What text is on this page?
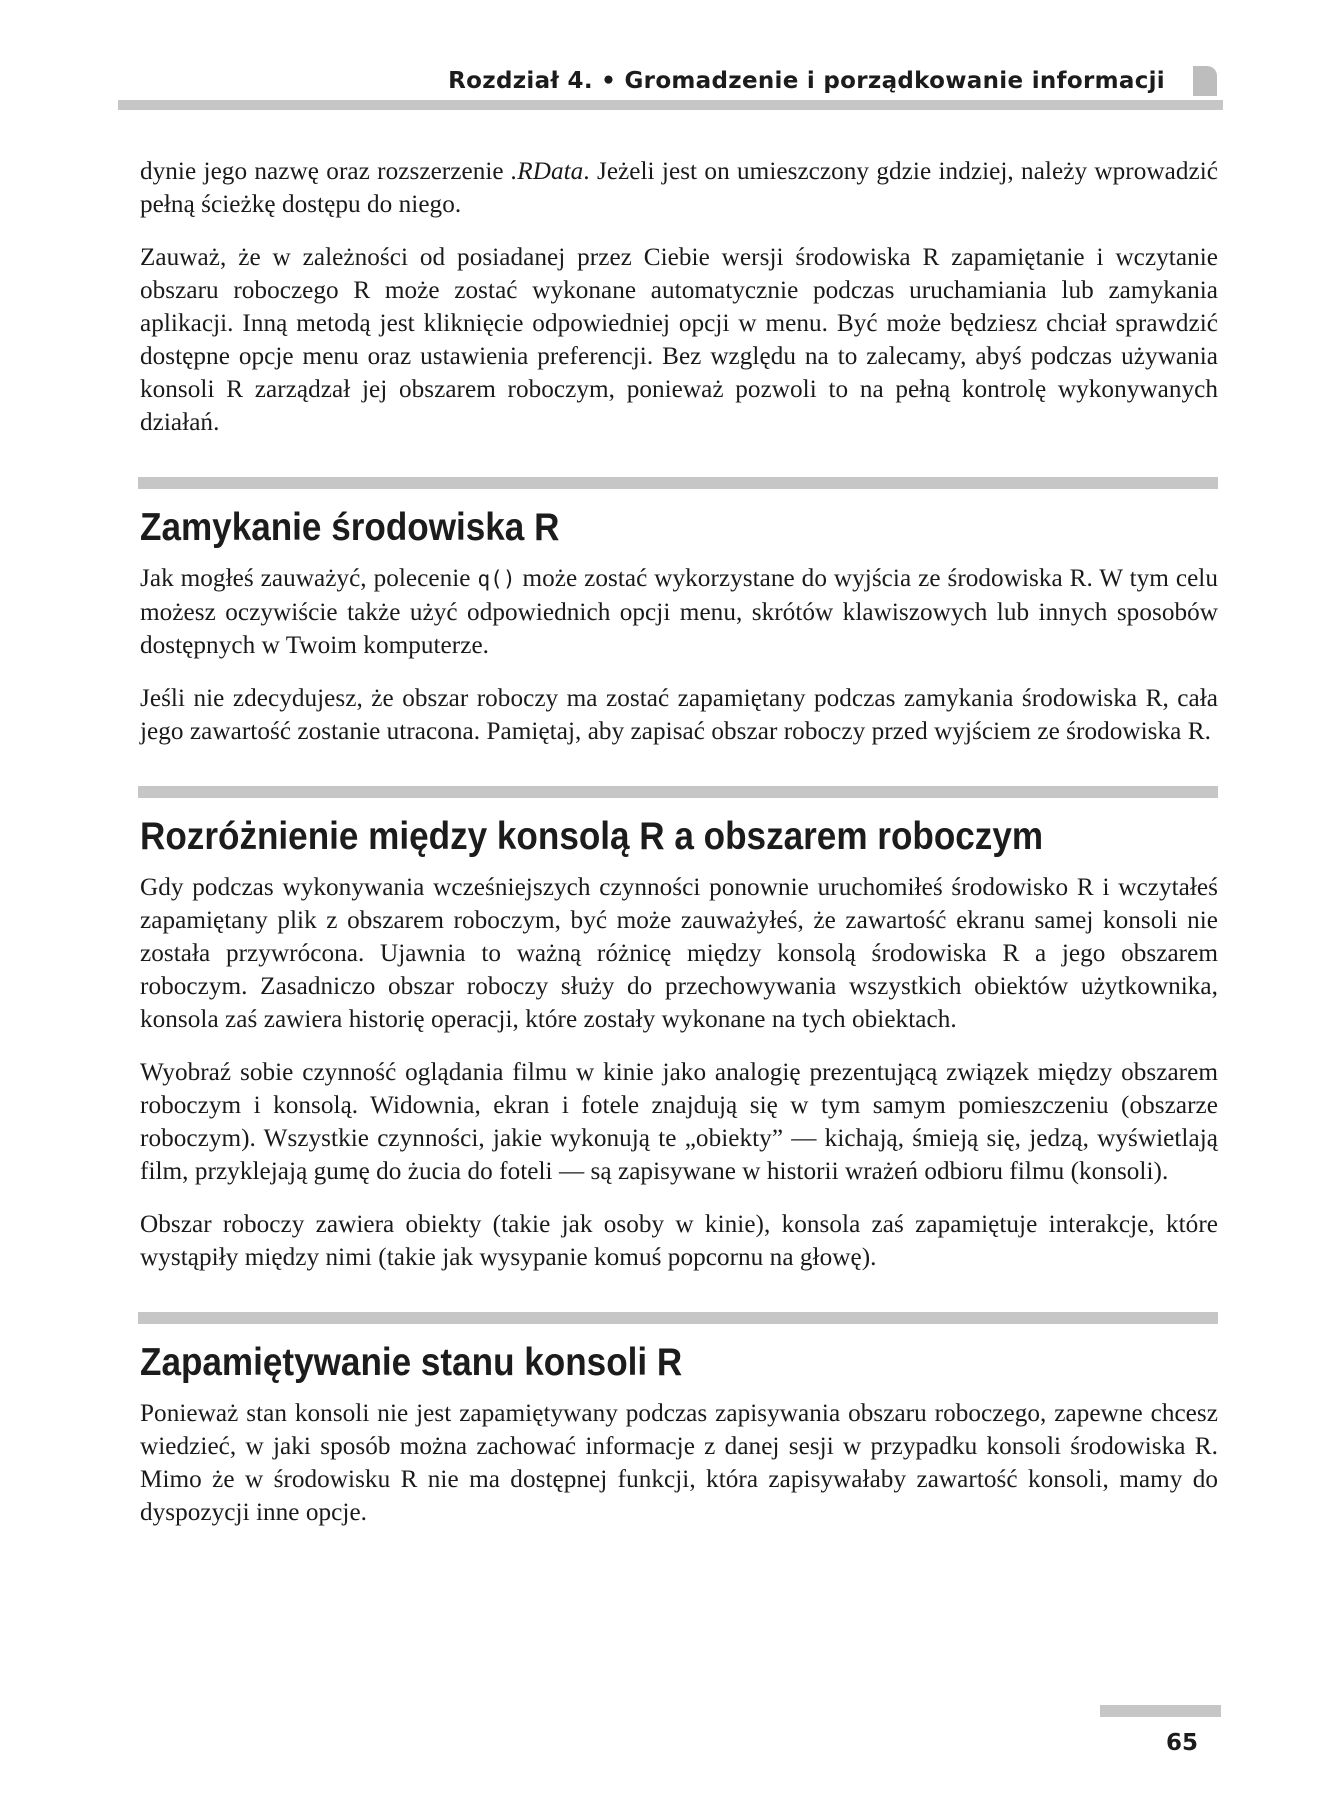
Rozdział 4. • Gromadzenie i porządkowanie informacji

dynie jego nazwę oraz rozszerzenie .RData. Jeżeli jest on umieszczony gdzie indziej, należy wprowadzić pełną ścieżkę dostępu do niego.

Zauważ, że w zależności od posiadanej przez Ciebie wersji środowiska R zapamiętanie i wczytanie obszaru roboczego R może zostać wykonane automatycznie podczas uruchamiania lub zamykania aplikacji. Inną metodą jest kliknięcie odpowiedniej opcji w menu. Być może będziesz chciał sprawdzić dostępne opcje menu oraz ustawienia preferencji. Bez względu na to zalecamy, abyś podczas używania konsoli R zarządzał jej obszarem roboczym, ponieważ pozwoli to na pełną kontrolę wykonywanych działań.

Zamykanie środowiska R

Jak mogłeś zauważyć, polecenie q() może zostać wykorzystane do wyjścia ze środowiska R. W tym celu możesz oczywiście także użyć odpowiednich opcji menu, skrótów klawiszowych lub innych sposobów dostępnych w Twoim komputerze.

Jeśli nie zdecydujesz, że obszar roboczy ma zostać zapamiętany podczas zamykania środowiska R, cała jego zawartość zostanie utracona. Pamiętaj, aby zapisać obszar roboczy przed wyjściem ze środowiska R.

Rozróżnienie między konsolą R a obszarem roboczym

Gdy podczas wykonywania wcześniejszych czynności ponownie uruchomiłeś środowisko R i wczytałeś zapamiętany plik z obszarem roboczym, być może zauważyłeś, że zawartość ekranu samej konsoli nie została przywrócona. Ujawnia to ważną różnicę między konsolą środowiska R a jego obszarem roboczym. Zasadniczo obszar roboczy służy do przechowywania wszystkich obiektów użytkownika, konsola zaś zawiera historię operacji, które zostały wykonane na tych obiektach.

Wyobraź sobie czynność oglądania filmu w kinie jako analogię prezentującą związek między obszarem roboczym i konsolą. Widownia, ekran i fotele znajdują się w tym samym pomieszczeniu (obszarze roboczym). Wszystkie czynności, jakie wykonują te „obiekty” — kichają, śmieją się, jedzą, wyświetlają film, przyklejają gumę do żucia do foteli — są zapisywane w historii wrażeń odbioru filmu (konsoli).

Obszar roboczy zawiera obiekty (takie jak osoby w kinie), konsola zaś zapamiętuje interakcje, które wystąpiły między nimi (takie jak wysypanie komuś popcornu na głowę).

Zapamiętywanie stanu konsoli R

Ponieważ stan konsoli nie jest zapamiętywany podczas zapisywania obszaru roboczego, zapewne chcesz wiedzieć, w jaki sposób można zachować informacje z danej sesji w przypadku konsoli środowiska R. Mimo że w środowisku R nie ma dostępnej funkcji, która zapisywałaby zawartość konsoli, mamy do dyspozycji inne opcje.

65
